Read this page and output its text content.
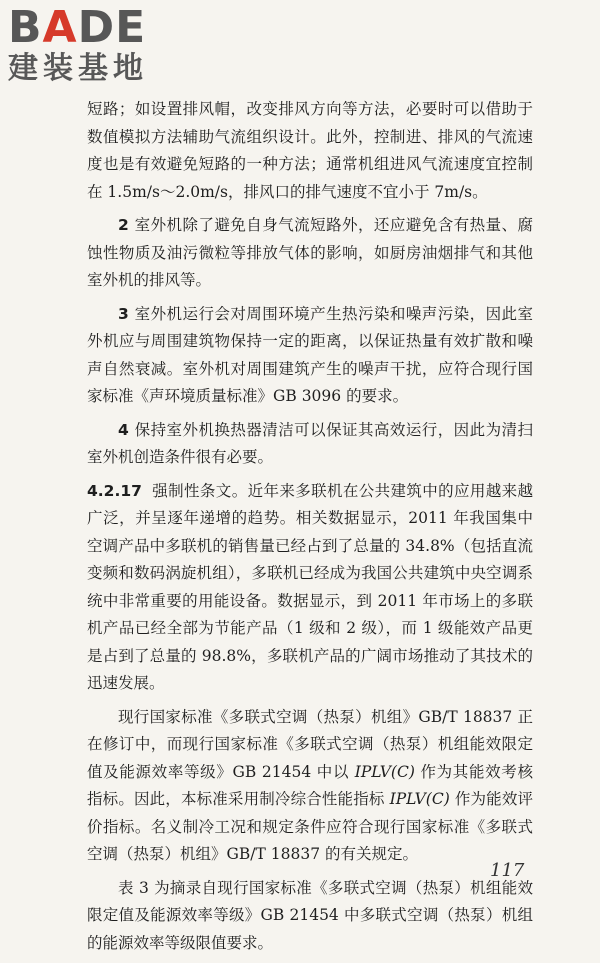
BADE
建装基地

短路；如设置排风帽，改变排风方向等方法，必要时可以借助于数值模拟方法辅助气流组织设计。此外，控制进、排风的气流速度也是有效避免短路的一种方法；通常机组进风气流速度宜控制在 1.5m/s～2.0m/s，排风口的排气速度不宜小于 7m/s。

2 室外机除了避免自身气流短路外，还应避免含有热量、腐蚀性物质及油污微粒等排放气体的影响，如厨房油烟排气和其他室外机的排风等。

3 室外机运行会对周围环境产生热污染和噪声污染，因此室外机应与周围建筑物保持一定的距离，以保证热量有效扩散和噪声自然衰减。室外机对周围建筑产生的噪声干扰，应符合现行国家标准《声环境质量标准》GB 3096 的要求。

4 保持室外机换热器清洁可以保证其高效运行，因此为清扫室外机创造条件很有必要。

4.2.17 强制性条文。近年来多联机在公共建筑中的应用越来越广泛，并呈逐年递增的趋势。相关数据显示，2011 年我国集中空调产品中多联机的销售量已经占到了总量的 34.8%（包括直流变频和数码涡旋机组），多联机已经成为我国公共建筑中央空调系统中非常重要的用能设备。数据显示，到 2011 年市场上的多联机产品已经全部为节能产品（1 级和 2 级），而 1 级能效产品更是占到了总量的 98.8%，多联机产品的广阔市场推动了其技术的迅速发展。

现行国家标准《多联式空调（热泵）机组》GB/T 18837 正在修订中，而现行国家标准《多联式空调（热泵）机组能效限定值及能源效率等级》GB 21454 中以 IPLV(C) 作为其能效考核指标。因此，本标准采用制冷综合性能指标 IPLV(C) 作为能效评价指标。名义制冷工况和规定条件应符合现行国家标准《多联式空调（热泵）机组》GB/T 18837 的有关规定。

表 3 为摘录自现行国家标准《多联式空调（热泵）机组能效限定值及能源效率等级》GB 21454 中多联式空调（热泵）机组的能源效率等级限值要求。

117
